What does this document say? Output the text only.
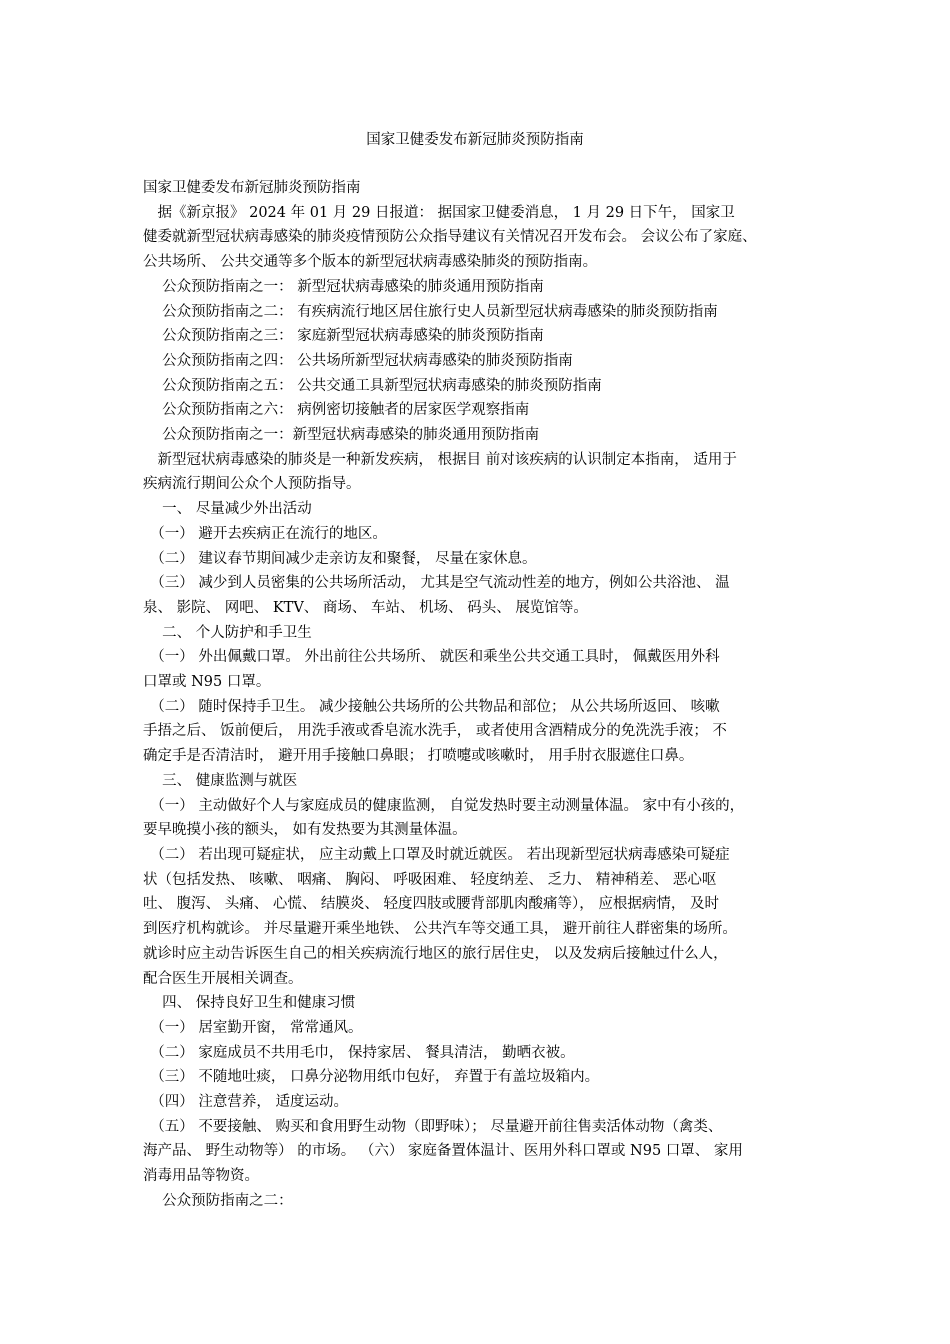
国家卫健委发布新冠肺炎预防指南

国家卫健委发布新冠肺炎预防指南

　据《新京报》 2024 年 01 月 29 日报道： 据国家卫健委消息， 1 月 29 日下午， 国家卫

健委就新型冠状病毒感染的肺炎疫情预防公众指导建议有关情况召开发布会。 会议公布了家庭、

公共场所、 公共交通等多个版本的新型冠状病毒感染肺炎的预防指南。

　 公众预防指南之一： 新型冠状病毒感染的肺炎通用预防指南

　 公众预防指南之二： 有疾病流行地区居住旅行史人员新型冠状病毒感染的肺炎预防指南

　 公众预防指南之三： 家庭新型冠状病毒感染的肺炎预防指南

　 公众预防指南之四： 公共场所新型冠状病毒感染的肺炎预防指南

　 公众预防指南之五： 公共交通工具新型冠状病毒感染的肺炎预防指南

　 公众预防指南之六： 病例密切接触者的居家医学观察指南

　 公众预防指南之一：新型冠状病毒感染的肺炎通用预防指南

　新型冠状病毒感染的肺炎是一种新发疾病， 根据目 前对该疾病的认识制定本指南， 适用于

疾病流行期间公众个人预防指导。

　 一、 尽量减少外出活动

　（一） 避开去疾病正在流行的地区。

　（二） 建议春节期间减少走亲访友和聚餐， 尽量在家休息。

　（三） 减少到人员密集的公共场所活动， 尤其是空气流动性差的地方，例如公共浴池、 温

泉、 影院、 网吧、 KTV、 商场、 车站、 机场、 码头、 展览馆等。

　 二、 个人防护和手卫生

　（一） 外出佩戴口罩。 外出前往公共场所、 就医和乘坐公共交通工具时， 佩戴医用外科

口罩或 N95 口罩。

　（二） 随时保持手卫生。 减少接触公共场所的公共物品和部位； 从公共场所返回、 咳嗽

手捂之后、 饭前便后， 用洗手液或香皂流水洗手， 或者使用含酒精成分的免洗洗手液； 不

确定手是否清洁时， 避开用手接触口鼻眼； 打喷嚏或咳嗽时， 用手肘衣服遮住口鼻。

　 三、 健康监测与就医

　（一） 主动做好个人与家庭成员的健康监测， 自觉发热时要主动测量体温。 家中有小孩的，

要早晚摸小孩的额头， 如有发热要为其测量体温。

　（二） 若出现可疑症状， 应主动戴上口罩及时就近就医。 若出现新型冠状病毒感染可疑症

状（包括发热、 咳嗽、 咽痛、 胸闷、 呼吸困难、 轻度纳差、 乏力、 精神稍差、 恶心呕

吐、 腹泻、 头痛、 心慌、 结膜炎、 轻度四肢或腰背部肌肉酸痛等）， 应根据病情， 及时

到医疗机构就诊。 并尽量避开乘坐地铁、 公共汽车等交通工具， 避开前往人群密集的场所。

就诊时应主动告诉医生自己的相关疾病流行地区的旅行居住史， 以及发病后接触过什么人，

配合医生开展相关调查。

　 四、 保持良好卫生和健康习惯

　（一） 居室勤开窗， 常常通风。

　（二） 家庭成员不共用毛巾， 保持家居、 餐具清洁， 勤晒衣被。

　（三） 不随地吐痰， 口鼻分泌物用纸巾包好， 弃置于有盖垃圾箱内。

　（四） 注意营养， 适度运动。

　（五） 不要接触、 购买和食用野生动物（即野味）； 尽量避开前往售卖活体动物（禽类、

海产品、 野生动物等） 的市场。 （六） 家庭备置体温计、医用外科口罩或 N95 口罩、 家用

消毒用品等物资。

　 公众预防指南之二：
